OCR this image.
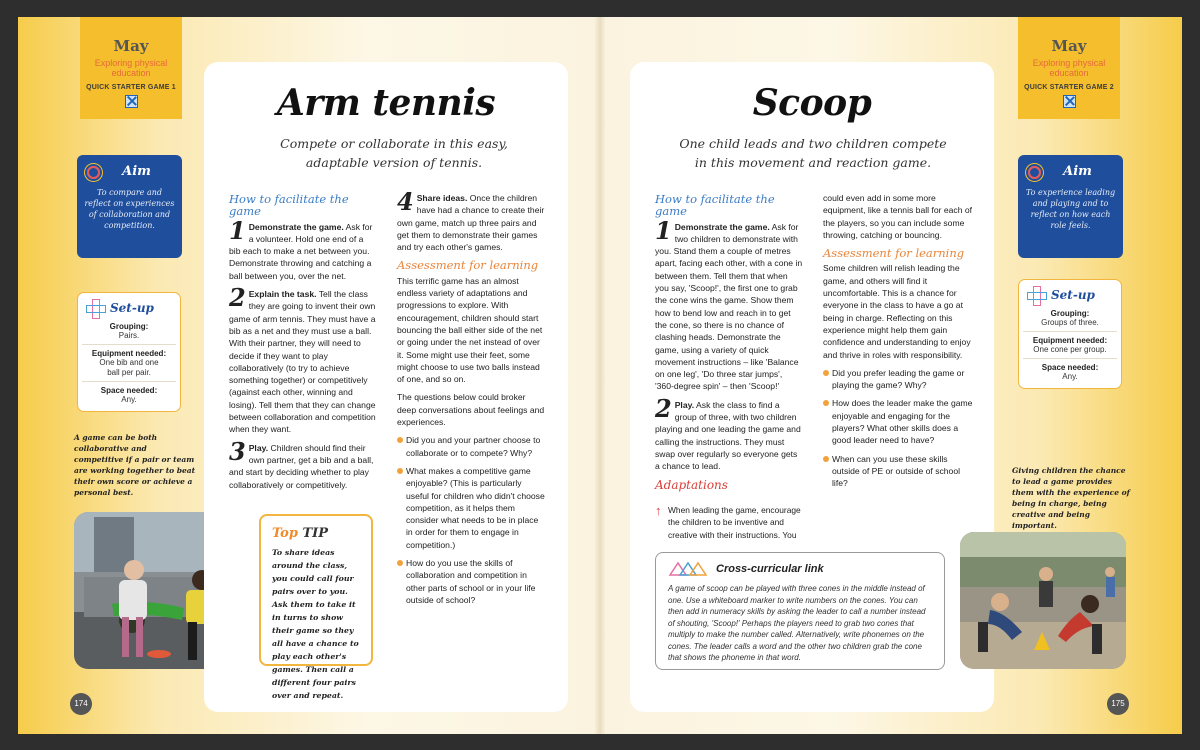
May
Exploring physical education
QUICK STARTER GAME 1
Aim
To compare and reflect on experiences of collaboration and competition.
Set-up
Grouping:
Pairs.
Equipment needed:
One bib and one ball per pair.
Space needed:
Any.
A game can be both collaborative and competitive if a pair or team are working together to beat their own score or achieve a personal best.
174
Arm tennis
Compete or collaborate in this easy,
adaptable version of tennis.
How to facilitate the game
1 Demonstrate the game. Ask for a volunteer. Hold one end of a bib each to make a net between you. Demonstrate throwing and catching a ball between you, over the net.
2 Explain the task. Tell the class they are going to invent their own game of arm tennis. They must have a bib as a net and they must use a ball. With their partner, they will need to decide if they want to play collaboratively (to try to achieve something together) or competitively (against each other, winning and losing). Tell them that they can change between collaboration and competition when they want.
3 Play. Children should find their own partner, get a bib and a ball, and start by deciding whether to play collaboratively or competitively.
4 Share ideas. Once the children have had a chance to create their own game, match up three pairs and get them to demonstrate their games and try each other's games.
Assessment for learning

This terrific game has an almost endless variety of adaptations and progressions to explore. With encouragement, children should start bouncing the ball either side of the net or going under the net instead of over it. Some might use their feet, some might choose to use two balls instead of one, and so on.

The questions below could broker deep conversations about feelings and experiences.

Did you and your partner choose to collaborate or to compete? Why?
What makes a competitive game enjoyable? (This is particularly useful for children who didn't choose competition, as it helps them consider what needs to be in place in order for them to engage in competition.)
How do you use the skills of collaboration and competition in other parts of school or in your life outside of school?
Top TIP
To share ideas around the class, you could call four pairs over to you. Ask them to take it in turns to show their game so they all have a chance to play each other's games. Then call a different four pairs over and repeat.
Scoop
One child leads and two children compete
in this movement and reaction game.
How to facilitate the game
1 Demonstrate the game. Ask for two children to demonstrate with you. Stand them a couple of metres apart, facing each other, with a cone in between them. Tell them that when you say, 'Scoop!', the first one to grab the cone wins the game. Show them how to bend low and reach in to get the cone, so there is no chance of clashing heads. Demonstrate the game, using a variety of quick movement instructions – like 'Balance on one leg', 'Do three star jumps', '360-degree spin' – then 'Scoop!'
2 Play. Ask the class to find a group of three, with two children playing and one leading the game and calling the instructions. They must swap over regularly so everyone gets a chance to lead.
Adaptations
↑ When leading the game, encourage the children to be inventive and creative with their instructions. You

could even add in some more equipment, like a tennis ball for each of the players, so you can include some throwing, catching or bouncing.

Assessment for learning

Some children will relish leading the game, and others will find it uncomfortable. This is a chance for everyone in the class to have a go at being in charge. Reflecting on this experience might help them gain confidence and understanding to enjoy and thrive in roles with responsibility.

Did you prefer leading the game or playing the game? Why?
How does the leader make the game enjoyable and engaging for the players? What other skills does a good leader need to have?
When can you use these skills outside of PE or outside of school life?
Cross-curricular link
A game of scoop can be played with three cones in the middle instead of one. Use a whiteboard marker to write numbers on the cones. You can then add in numeracy skills by asking the leader to call a number instead of shouting, 'Scoop!' Perhaps the players need to grab two cones that multiply to make the number called. Alternatively, write phonemes on the cones. The leader calls a word and the other two children grab the cone that shows the phoneme in that word.
May
Exploring physical education
QUICK STARTER GAME 2
Aim
To experience leading and playing and to reflect on how each role feels.
Set-up
Grouping:
Groups of three.
Equipment needed:
One cone per group.
Space needed:
Any.
Giving children the chance to lead a game provides them with the experience of being in charge, being creative and being important.
175
